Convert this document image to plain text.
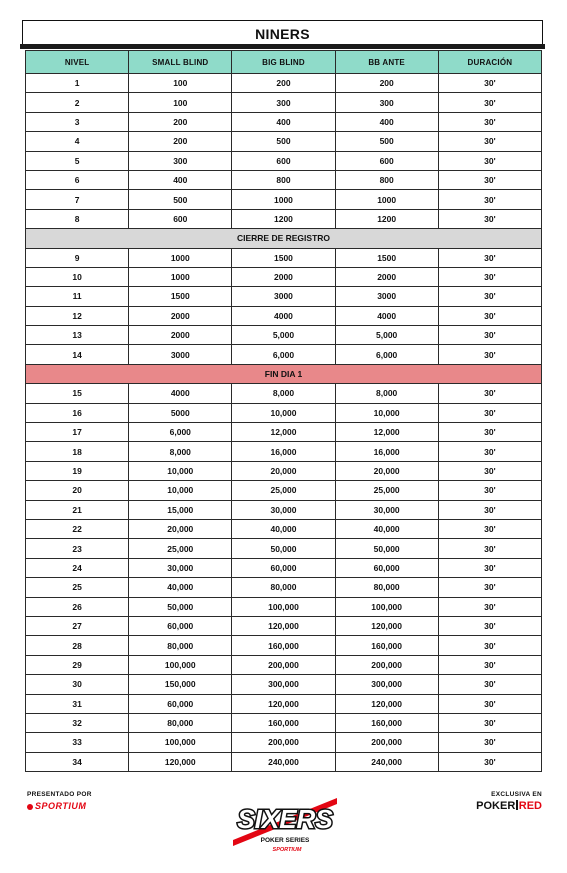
NINERS
NIVEL	SMALL BLIND	BIG BLIND	BB ANTE	DURACIÓN
1	100	200	200	30'
2	100	300	300	30'
3	200	400	400	30'
4	200	500	500	30'
5	300	600	600	30'
6	400	800	800	30'
7	500	1000	1000	30'
8	600	1200	1200	30'
CIERRE DE REGISTRO				
9	1000	1500	1500	30'
10	1000	2000	2000	30'
11	1500	3000	3000	30'
12	2000	4000	4000	30'
13	2000	5,000	5,000	30'
14	3000	6,000	6,000	30'
FIN DIA 1				
15	4000	8,000	8,000	30'
16	5000	10,000	10,000	30'
17	6,000	12,000	12,000	30'
18	8,000	16,000	16,000	30'
19	10,000	20,000	20,000	30'
20	10,000	25,000	25,000	30'
21	15,000	30,000	30,000	30'
22	20,000	40,000	40,000	30'
23	25,000	50,000	50,000	30'
24	30,000	60,000	60,000	30'
25	40,000	80,000	80,000	30'
26	50,000	100,000	100,000	30'
27	60,000	120,000	120,000	30'
28	80,000	160,000	160,000	30'
29	100,000	200,000	200,000	30'
30	150,000	300,000	300,000	30'
31	60,000	120,000	120,000	30'
32	80,000	160,000	160,000	30'
33	100,000	200,000	200,000	30'
34	120,000	240,000	240,000	30'
PRESENTADO POR
SPORTIUM	SIXERS
POKER SERIES
SPORTIUM
EXCLUSIVA EN
POKER RED
